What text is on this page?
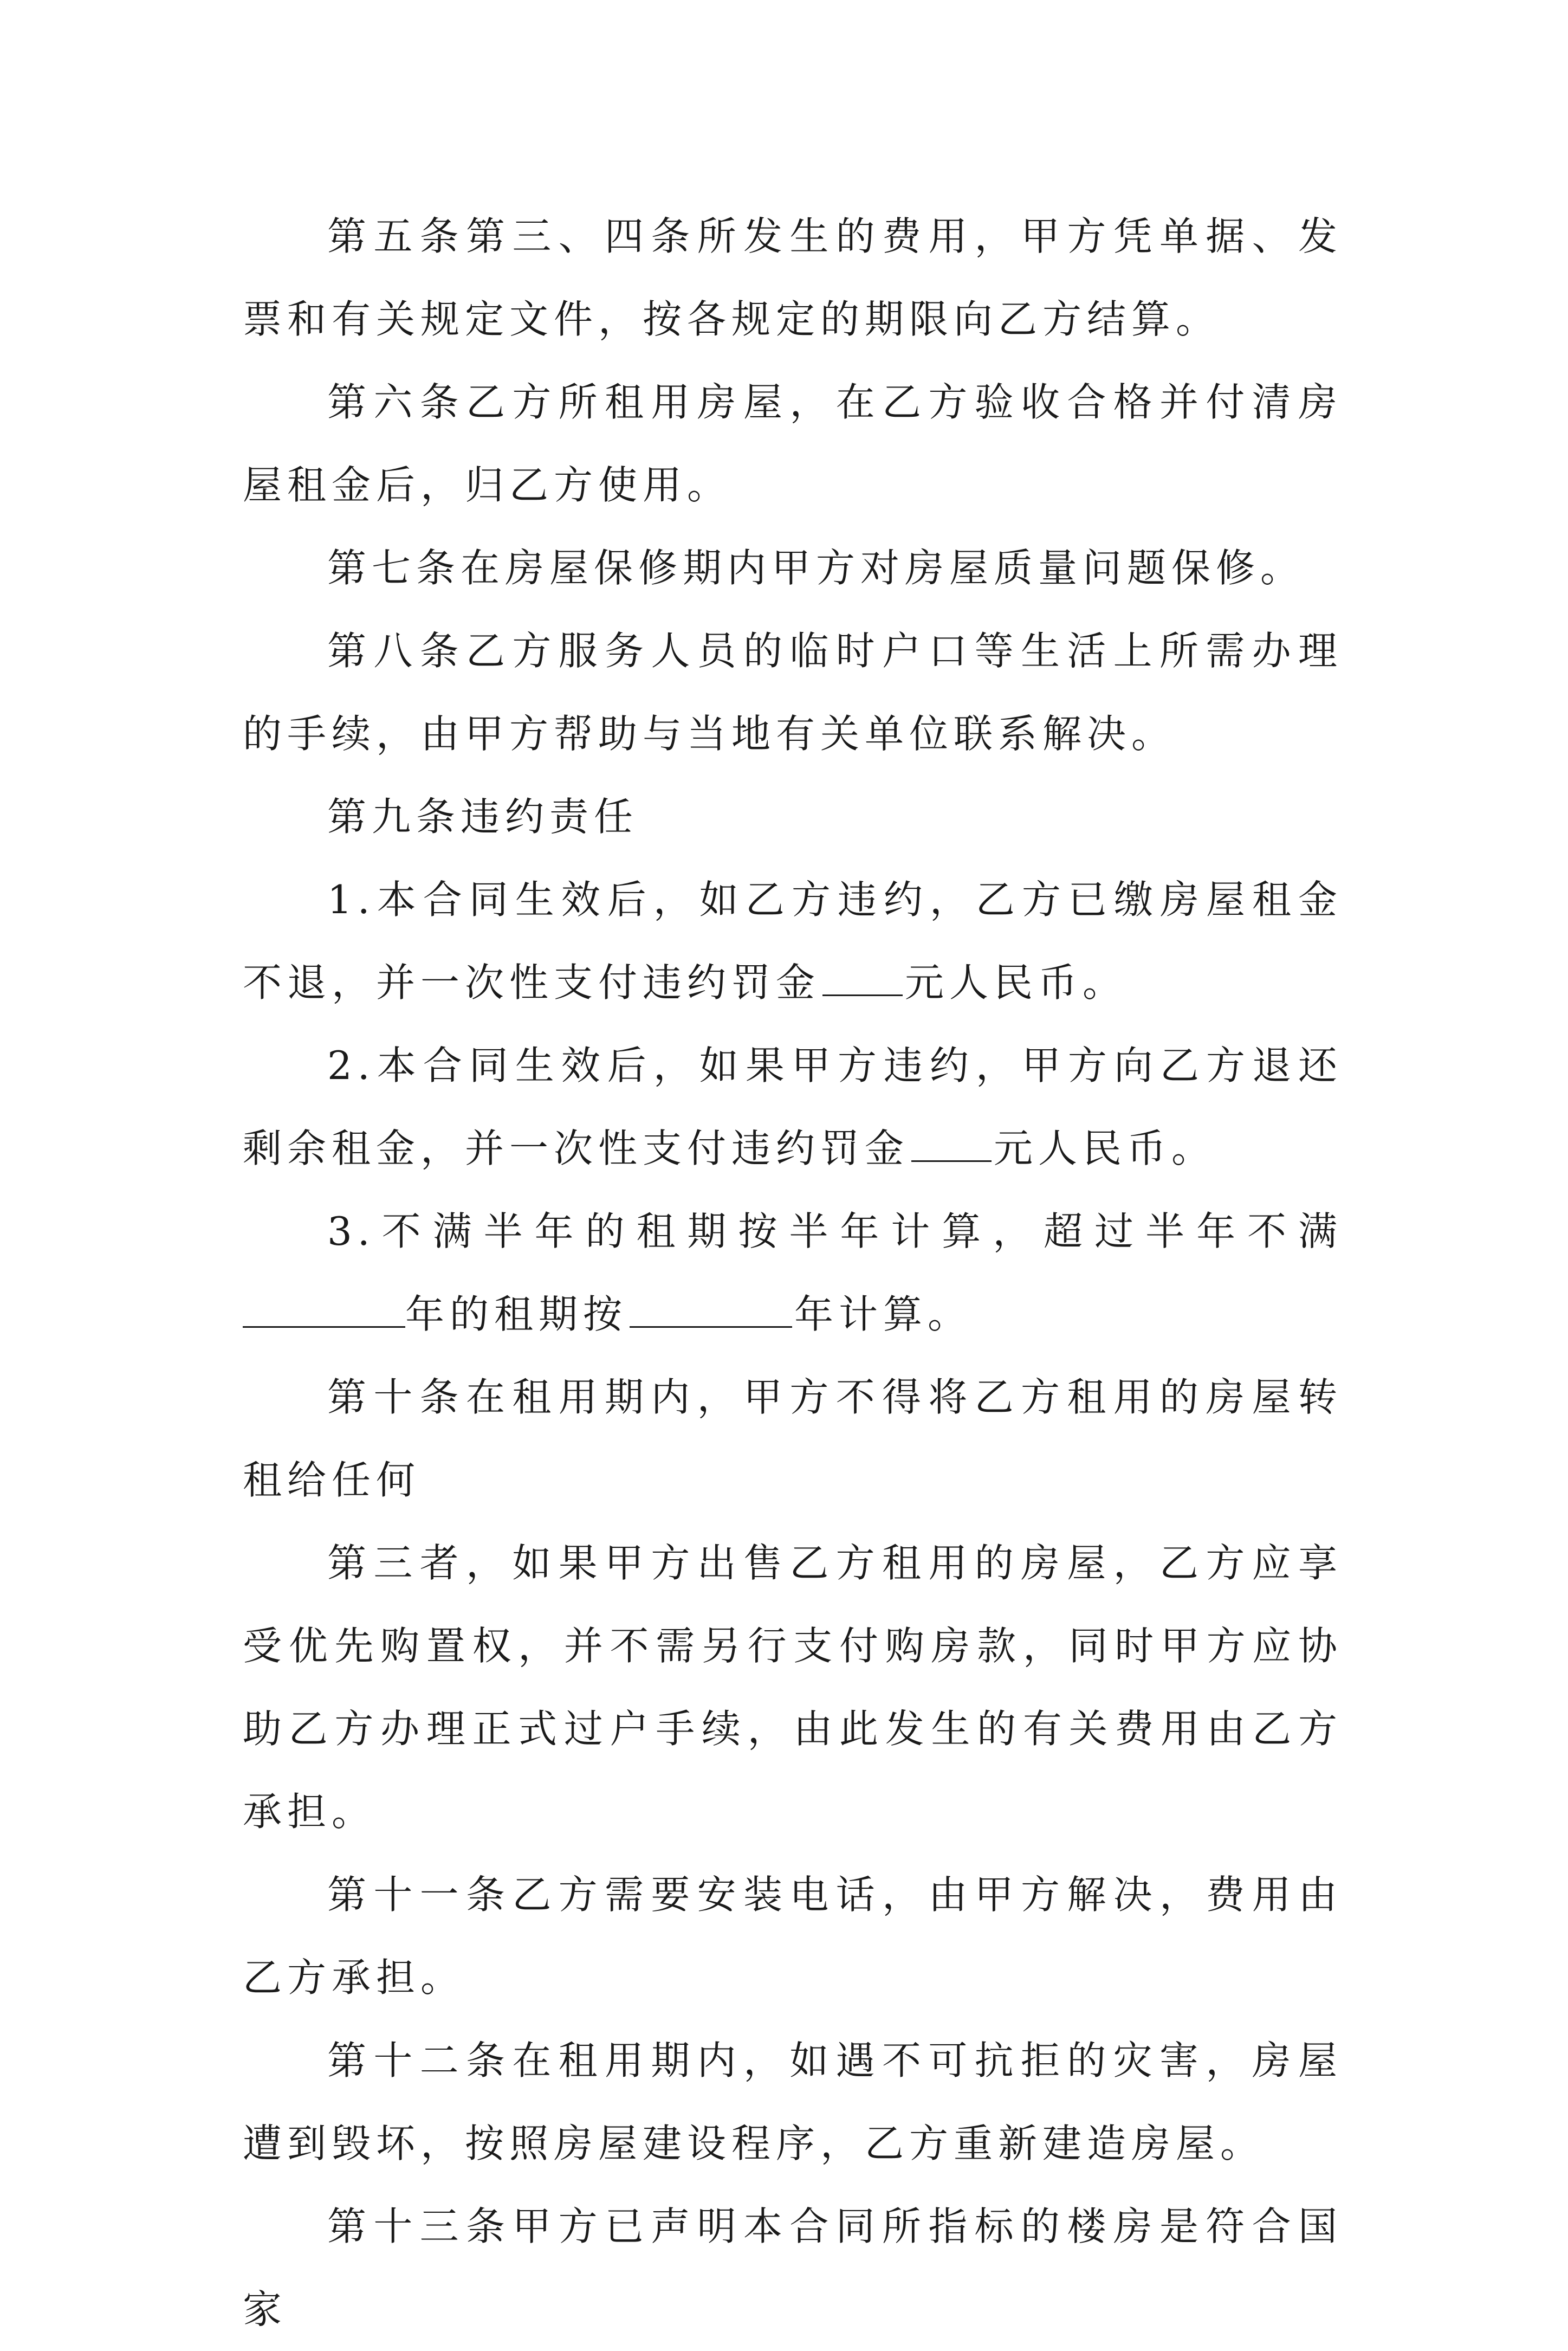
第五条第三、四条所发生的费用，甲方凭单据、发票和有关规定文件，按各规定的期限向乙方结算。

第六条乙方所租用房屋，在乙方验收合格并付清房屋租金后，归乙方使用。

第七条在房屋保修期内甲方对房屋质量问题保修。

第八条乙方服务人员的临时户口等生活上所需办理的手续，由甲方帮助与当地有关单位联系解决。

第九条违约责任

1.本合同生效后，如乙方违约，乙方已缴房屋租金不退，并一次性支付违约罚金 元人民币。

2.本合同生效后，如果甲方违约，甲方向乙方退还剩余租金，并一次性支付违约罚金 元人民币。

3.不满半年的租期按半年计算，超过半年不满年的租期按	年计算。

第十条在租用期内，甲方不得将乙方租用的房屋转租给任何

第三者，如果甲方出售乙方租用的房屋，乙方应享受优先购置权，并不需另行支付购房款，同时甲方应协助乙方办理正式过户手续，由此发生的有关费用由乙方承担。

第十一条乙方需要安装电话，由甲方解决，费用由乙方承担。

第十二条在租用期内，如遇不可抗拒的灾害，房屋遭到毁坏，按照房屋建设程序，乙方重新建造房屋。

第十三条甲方已声明本合同所指标的楼房是符合国家
